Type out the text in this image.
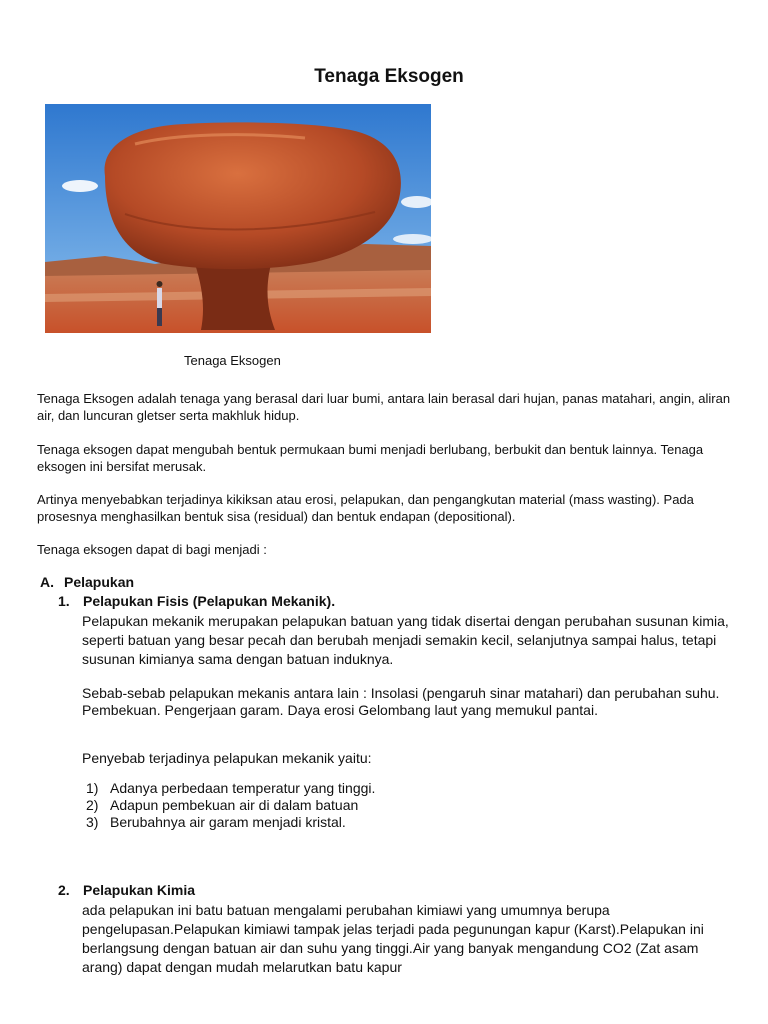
Tenaga Eksogen

Tenaga Eksogen

Tenaga Eksogen adalah tenaga yang berasal dari luar bumi, antara lain berasal dari hujan, panas matahari, angin, aliran air, dan luncuran gletser serta makhluk hidup.

Tenaga eksogen dapat mengubah bentuk permukaan bumi menjadi berlubang, berbukit dan bentuk lainnya. Tenaga eksogen ini bersifat merusak.

Artinya menyebabkan terjadinya kikiksan atau erosi, pelapukan, dan pengangkutan material (mass wasting). Pada prosesnya menghasilkan bentuk sisa (residual) dan bentuk endapan (depositional).

Tenaga eksogen dapat di bagi menjadi :

A. Pelapukan

1. Pelapukan Fisis (Pelapukan Mekanik).

Pelapukan mekanik merupakan pelapukan batuan yang tidak disertai dengan perubahan susunan kimia, seperti batuan yang besar pecah dan berubah menjadi semakin kecil, selanjutnya sampai halus, tetapi susunan kimianya sama dengan batuan induknya.

Sebab-sebab pelapukan mekanis antara lain : Insolasi (pengaruh sinar matahari) dan perubahan suhu. Pembekuan. Pengerjaan garam. Daya erosi Gelombang laut yang memukul pantai.

Penyebab terjadinya pelapukan mekanik yaitu:

1) Adanya perbedaan temperatur yang tinggi.
2) Adapun pembekuan air di dalam batuan
3) Berubahnya air garam menjadi kristal.

2. Pelapukan Kimia

ada pelapukan ini batu batuan mengalami perubahan kimiawi yang umumnya berupa pengelupasan.Pelapukan kimiawi tampak jelas terjadi pada pegunungan kapur (Karst).Pelapukan ini berlangsung dengan batuan air dan suhu yang tinggi.Air yang banyak mengandung CO2 (Zat asam arang) dapat dengan mudah melarutkan batu kapur
